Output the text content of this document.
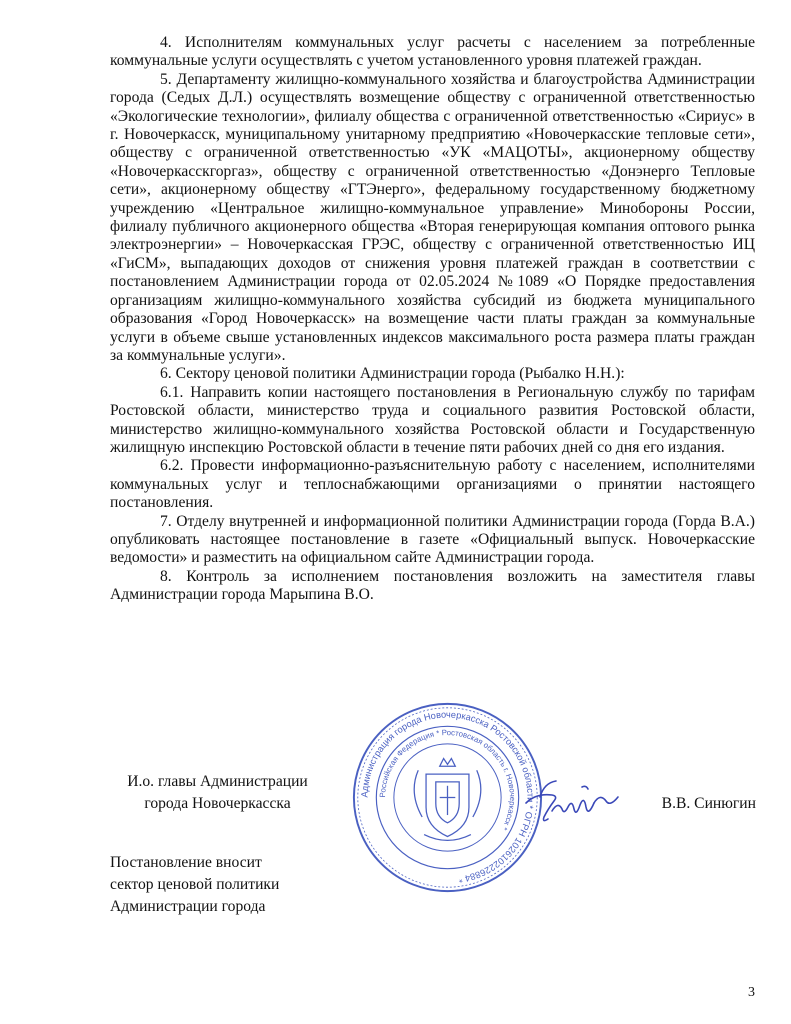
4. Исполнителям коммунальных услуг расчеты с населением за потребленные коммунальные услуги осуществлять с учетом установленного уровня платежей граждан.

5. Департаменту жилищно-коммунального хозяйства и благоустройства Администрации города (Седых Д.Л.) осуществлять возмещение обществу с ограниченной ответственностью «Экологические технологии», филиалу общества с ограниченной ответственностью «Сириус» в г. Новочеркасск, муниципальному унитарному предприятию «Новочеркасские тепловые сети», обществу с ограниченной ответственностью «УК «МАЦОТЫ», акционерному обществу «Новочеркасскгоргаз», обществу с ограниченной ответственностью «Донэнерго Тепловые сети», акционерному обществу «ГТЭнерго», федеральному государственному бюджетному учреждению «Центральное жилищно-коммунальное управление» Минобороны России, филиалу публичного акционерного общества «Вторая генерирующая компания оптового рынка электроэнергии» – Новочеркасская ГРЭС, обществу с ограниченной ответственностью ИЦ «ГиСМ», выпадающих доходов от снижения уровня платежей граждан в соответствии с постановлением Администрации города от 02.05.2024 №1089 «О Порядке предоставления организациям жилищно-коммунального хозяйства субсидий из бюджета муниципального образования «Город Новочеркасск» на возмещение части платы граждан за коммунальные услуги в объеме свыше установленных индексов максимального роста размера платы граждан за коммунальные услуги».

6. Сектору ценовой политики Администрации города (Рыбалко Н.Н.):

6.1. Направить копии настоящего постановления в Региональную службу по тарифам Ростовской области, министерство труда и социального развития Ростовской области, министерство жилищно-коммунального хозяйства Ростовской области и Государственную жилищную инспекцию Ростовской области в течение пяти рабочих дней со дня его издания.

6.2. Провести информационно-разъяснительную работу с населением, исполнителями коммунальных услуг и теплоснабжающими организациями о принятии настоящего постановления.

7. Отделу внутренней и информационной политики Администрации города (Горда В.А.) опубликовать настоящее постановление в газете «Официальный выпуск. Новочеркасские ведомости» и разместить на официальном сайте Администрации города.

8. Контроль за исполнением постановления возложить на заместителя главы Администрации города Марыпина В.О.

И.о. главы Администрации
города Новочеркасска
Администрация города Новочеркасска Ростовской области * ОГРН 1026102226884 *
Российская Федерация * Ростовская область г. Новочеркасск *
В.В. Синюгин
Постановление вносит
сектор ценовой политики
Администрации города
3
